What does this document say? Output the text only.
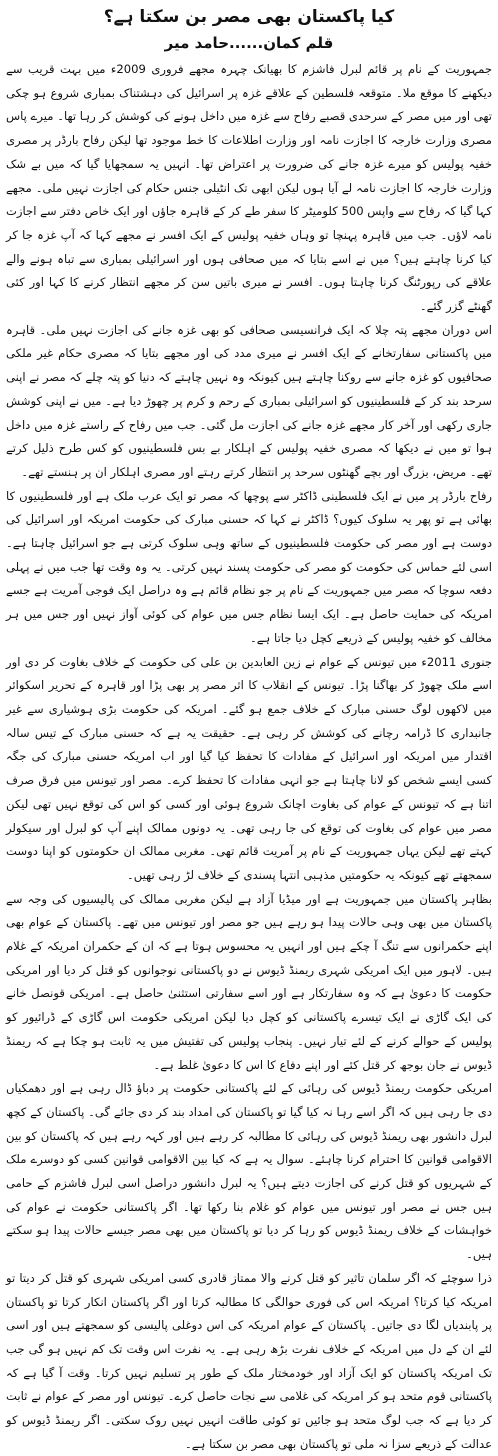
کیا پاکستان بھی مصر بن سکتا ہے؟
قلم کمان......حامد میر

جمہوریت کے نام پر قائم لبرل فاشزم کا بھیانک چہرہ مجھے فروری 2009ء میں بہت قریب سے دیکھنے کا موقع ملا۔ متوقعہ فلسطین کے علاقے غزہ پر اسرائیل کی دہشتناک بمباری شروع ہو چکی تھی اور میں مصر کے سرحدی قصبے رفاح سے غزہ میں داخل ہونے کی کوشش کر رہا تھا۔ میرے پاس مصری وزارت خارجہ کا اجازت نامہ اور وزارت اطلاعات کا خط موجود تھا لیکن رفاح بارڈر پر مصری خفیہ پولیس کو میرے غزہ جانے کی ضرورت پر اعتراض تھا۔ انہیں یہ سمجھایا گیا کہ میں بے شک وزارت خارجہ کا اجازت نامہ لے آیا ہوں لیکن ابھی تک انٹیلی جنس حکام کی اجازت نہیں ملی۔ مجھے کہا گیا کہ رفاح سے واپس 500 کلومیٹر کا سفر طے کر کے قاہرہ جاؤں اور ایک خاص دفتر سے اجازت نامہ لاؤں۔ جب میں قاہرہ پہنچا تو وہاں خفیہ پولیس کے ایک افسر نے مجھے کہا کہ آپ غزہ جا کر کیا کرنا چاہتے ہیں؟ میں نے اسے بتایا کہ میں صحافی ہوں اور اسرائیلی بمباری سے تباہ ہونے والے علاقے کی رپورٹنگ کرنا چاہتا ہوں۔ افسر نے میری باتیں سن کر مجھے انتظار کرنے کا کہا اور کئی گھنٹے گزر گئے۔

اس دوران مجھے پتہ چلا کہ ایک فرانسیسی صحافی کو بھی غزہ جانے کی اجازت نہیں ملی۔ قاہرہ میں پاکستانی سفارتخانے کے ایک افسر نے میری مدد کی اور مجھے بتایا کہ مصری حکام غیر ملکی صحافیوں کو غزہ جانے سے روکنا چاہتے ہیں کیونکہ وہ نہیں چاہتے کہ دنیا کو پتہ چلے کہ مصر نے اپنی سرحد بند کر کے فلسطینیوں کو اسرائیلی بمباری کے رحم و کرم پر چھوڑ دیا ہے۔ میں نے اپنی کوشش جاری رکھی اور آخر کار مجھے غزہ جانے کی اجازت مل گئی۔ جب میں رفاح کے راستے غزہ میں داخل ہوا تو میں نے دیکھا کہ مصری خفیہ پولیس کے اہلکار بے بس فلسطینیوں کو کس طرح ذلیل کرتے تھے۔ مریض، بزرگ اور بچے گھنٹوں سرحد پر انتظار کرتے رہتے اور مصری اہلکار ان پر ہنستے تھے۔

رفاح بارڈر پر میں نے ایک فلسطینی ڈاکٹر سے پوچھا کہ مصر تو ایک عرب ملک ہے اور فلسطینیوں کا بھائی ہے تو پھر یہ سلوک کیوں؟ ڈاکٹر نے کہا کہ حسنی مبارک کی حکومت امریکہ اور اسرائیل کی دوست ہے اور مصر کی حکومت فلسطینیوں کے ساتھ وہی سلوک کرتی ہے جو اسرائیل چاہتا ہے۔ اسی لئے حماس کی حکومت کو مصر کی حکومت پسند نہیں کرتی۔ یہ وہ وقت تھا جب میں نے پہلی دفعہ سوچا کہ مصر میں جمہوریت کے نام پر جو نظام قائم ہے وہ دراصل ایک فوجی آمریت ہے جسے امریکہ کی حمایت حاصل ہے۔ ایک ایسا نظام جس میں عوام کی کوئی آواز نہیں اور جس میں ہر مخالف کو خفیہ پولیس کے ذریعے کچل دیا جاتا ہے۔

جنوری 2011ء میں تیونس کے عوام نے زین العابدین بن علی کی حکومت کے خلاف بغاوت کر دی اور اسے ملک چھوڑ کر بھاگنا پڑا۔ تیونس کے انقلاب کا اثر مصر پر بھی پڑا اور قاہرہ کے تحریر اسکوائر میں لاکھوں لوگ حسنی مبارک کے خلاف جمع ہو گئے۔ امریکہ کی حکومت بڑی ہوشیاری سے غیر جانبداری کا ڈرامہ رچانے کی کوشش کر رہی ہے۔ حقیقت یہ ہے کہ حسنی مبارک کے تیس سالہ اقتدار میں امریکہ اور اسرائیل کے مفادات کا تحفظ کیا گیا اور اب امریکہ حسنی مبارک کی جگہ کسی ایسے شخص کو لانا چاہتا ہے جو انہی مفادات کا تحفظ کرے۔ مصر اور تیونس میں فرق صرف اتنا ہے کہ تیونس کے عوام کی بغاوت اچانک شروع ہوئی اور کسی کو اس کی توقع نہیں تھی لیکن مصر میں عوام کی بغاوت کی توقع کی جا رہی تھی۔ یہ دونوں ممالک اپنے آپ کو لبرل اور سیکولر کہتے تھے لیکن یہاں جمہوریت کے نام پر آمریت قائم تھی۔ مغربی ممالک ان حکومتوں کو اپنا دوست سمجھتے تھے کیونکہ یہ حکومتیں مذہبی انتہا پسندی کے خلاف لڑ رہی تھیں۔

بظاہر پاکستان میں جمہوریت ہے اور میڈیا آزاد ہے لیکن مغربی ممالک کی پالیسیوں کی وجہ سے پاکستان میں بھی وہی حالات پیدا ہو رہے ہیں جو مصر اور تیونس میں تھے۔ پاکستان کے عوام بھی اپنے حکمرانوں سے تنگ آ چکے ہیں اور انہیں یہ محسوس ہوتا ہے کہ ان کے حکمران امریکہ کے غلام ہیں۔ لاہور میں ایک امریکی شہری ریمنڈ ڈیوس نے دو پاکستانی نوجوانوں کو قتل کر دیا اور امریکی حکومت کا دعویٰ ہے کہ وہ سفارتکار ہے اور اسے سفارتی استثنیٰ حاصل ہے۔ امریکی قونصل خانے کی ایک گاڑی نے ایک تیسرے پاکستانی کو کچل دیا لیکن امریکی حکومت اس گاڑی کے ڈرائیور کو پولیس کے حوالے کرنے کے لئے تیار نہیں۔ پنجاب پولیس کی تفتیش میں یہ ثابت ہو چکا ہے کہ ریمنڈ ڈیوس نے جان بوجھ کر قتل کئے اور اپنے دفاع کا اس کا دعویٰ غلط ہے۔

امریکی حکومت ریمنڈ ڈیوس کی رہائی کے لئے پاکستانی حکومت پر دباؤ ڈال رہی ہے اور دھمکیاں دی جا رہی ہیں کہ اگر اسے رہا نہ کیا گیا تو پاکستان کی امداد بند کر دی جائے گی۔ پاکستان کے کچھ لبرل دانشور بھی ریمنڈ ڈیوس کی رہائی کا مطالبہ کر رہے ہیں اور کہہ رہے ہیں کہ پاکستان کو بین الاقوامی قوانین کا احترام کرنا چاہئے۔ سوال یہ ہے کہ کیا بین الاقوامی قوانین کسی کو دوسرے ملک کے شہریوں کو قتل کرنے کی اجازت دیتے ہیں؟ یہ لبرل دانشور دراصل اسی لبرل فاشزم کے حامی ہیں جس نے مصر اور تیونس میں عوام کو غلام بنا رکھا تھا۔ اگر پاکستانی حکومت نے عوام کی خواہشات کے خلاف ریمنڈ ڈیوس کو رہا کر دیا تو پاکستان میں بھی مصر جیسے حالات پیدا ہو سکتے ہیں۔

ذرا سوچئے کہ اگر سلمان تاثیر کو قتل کرنے والا ممتاز قادری کسی امریکی شہری کو قتل کر دیتا تو امریکہ کیا کرتا؟ امریکہ اس کی فوری حوالگی کا مطالبہ کرتا اور اگر پاکستان انکار کرتا تو پاکستان پر پابندیاں لگا دی جاتیں۔ پاکستان کے عوام امریکہ کی اس دوغلی پالیسی کو سمجھتے ہیں اور اسی لئے ان کے دل میں امریکہ کے خلاف نفرت بڑھ رہی ہے۔ یہ نفرت اس وقت تک کم نہیں ہو گی جب تک امریکہ پاکستان کو ایک آزاد اور خودمختار ملک کے طور پر تسلیم نہیں کرتا۔ وقت آ گیا ہے کہ پاکستانی قوم متحد ہو کر امریکہ کی غلامی سے نجات حاصل کرے۔ تیونس اور مصر کے عوام نے ثابت کر دیا ہے کہ جب لوگ متحد ہو جائیں تو کوئی طاقت انہیں نہیں روک سکتی۔ اگر ریمنڈ ڈیوس کو عدالت کے ذریعے سزا نہ ملی تو پاکستان بھی مصر بن سکتا ہے۔
